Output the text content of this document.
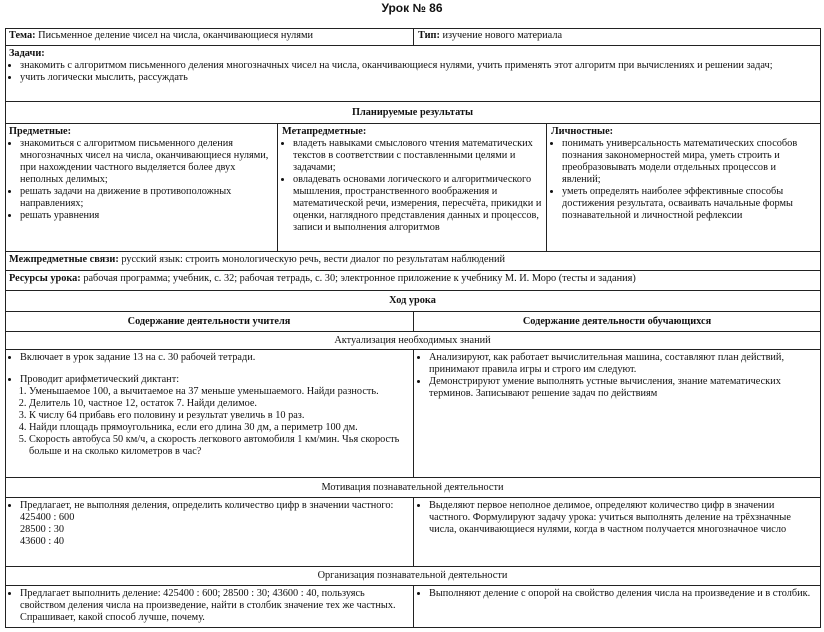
Урок № 86
Тема: Письменное деление чисел на числа, оканчивающиеся нулями	Тип: изучение нового материала
Задачи:
• знакомить с алгоритмом письменного деления многозначных чисел на числа, оканчивающиеся нулями, учить применять этот алгоритм при вычислениях и решении задач;
• учить логически мыслить, рассуждать
Планируемые результаты
Предметные:
• знакомиться с алгоритмом письменного деления многозначных чисел на числа, оканчивающиеся нулями, при нахождении частного выделяется более двух неполных делимых;
• решать задачи на движение в противоположных направлениях;
• решать уравнения
Метапредметные:
• владеть навыками смыслового чтения математических текстов в соответствии с поставленными целями и задачами;
• овладевать основами логического и алгоритмического мышления, пространственного воображения и математической речи, измерения, пересчёта, прикидки и оценки, наглядного представления данных и процессов, записи и выполнения алгоритмов
Личностные:
• понимать универсальность математических способов познания закономерностей мира, уметь строить и преобразовывать модели отдельных процессов и явлений;
• уметь определять наиболее эффективные способы достижения результата, осваивать начальные формы познавательной и личностной рефлексии
Межпредметные связи: русский язык: строить монологическую речь, вести диалог по результатам наблюдений
Ресурсы урока: рабочая программа; учебник, с. 32; рабочая тетрадь, с. 30; электронное приложение к учебнику М. И. Моро (тесты и задания)
Ход урока
Содержание деятельности учителя	Содержание деятельности обучающихся
Актуализация необходимых знаний
• Включает в урок задание 13 на с. 30 рабочей тетради.
• Проводит арифметический диктант:
1. Уменьшаемое 100, а вычитаемое на 37 меньше уменьшаемого. Найди разность.
2. Делитель 10, частное 12, остаток 7. Найди делимое.
3. К числу 64 прибавь его половину и результат увеличь в 10 раз.
4. Найди площадь прямоугольника, если его длина 30 дм, а периметр 100 дм.
5. Скорость автобуса 50 км/ч, а скорость легкового автомобиля 1 км/мин. Чья скорость больше и на сколько километров в час?
• Анализируют, как работает вычислительная машина, составляют план действий, принимают правила игры и строго им следуют.
• Демонстрируют умение выполнять устные вычисления, знание математических терминов. Записывают решение задач по действиям
Мотивация познавательной деятельности
• Предлагает, не выполняя деления, определить количество цифр в значении частного:
425400 : 600
28500 : 30
43600 : 40
• Выделяют первое неполное делимое, определяют количество цифр в значении частного. Формулируют задачу урока: учиться выполнять деление на трёхзначные числа, оканчивающиеся нулями, когда в частном получается многозначное число
Организация познавательной деятельности
• Предлагает выполнить деление: 425400 : 600; 28500 : 30; 43600 : 40, пользуясь свойством деления числа на произведение, найти в столбик значение тех же частных. Спрашивает, какой способ лучше, почему.
• Выполняют деление с опорой на свойство деления числа на произведение и в столбик.
